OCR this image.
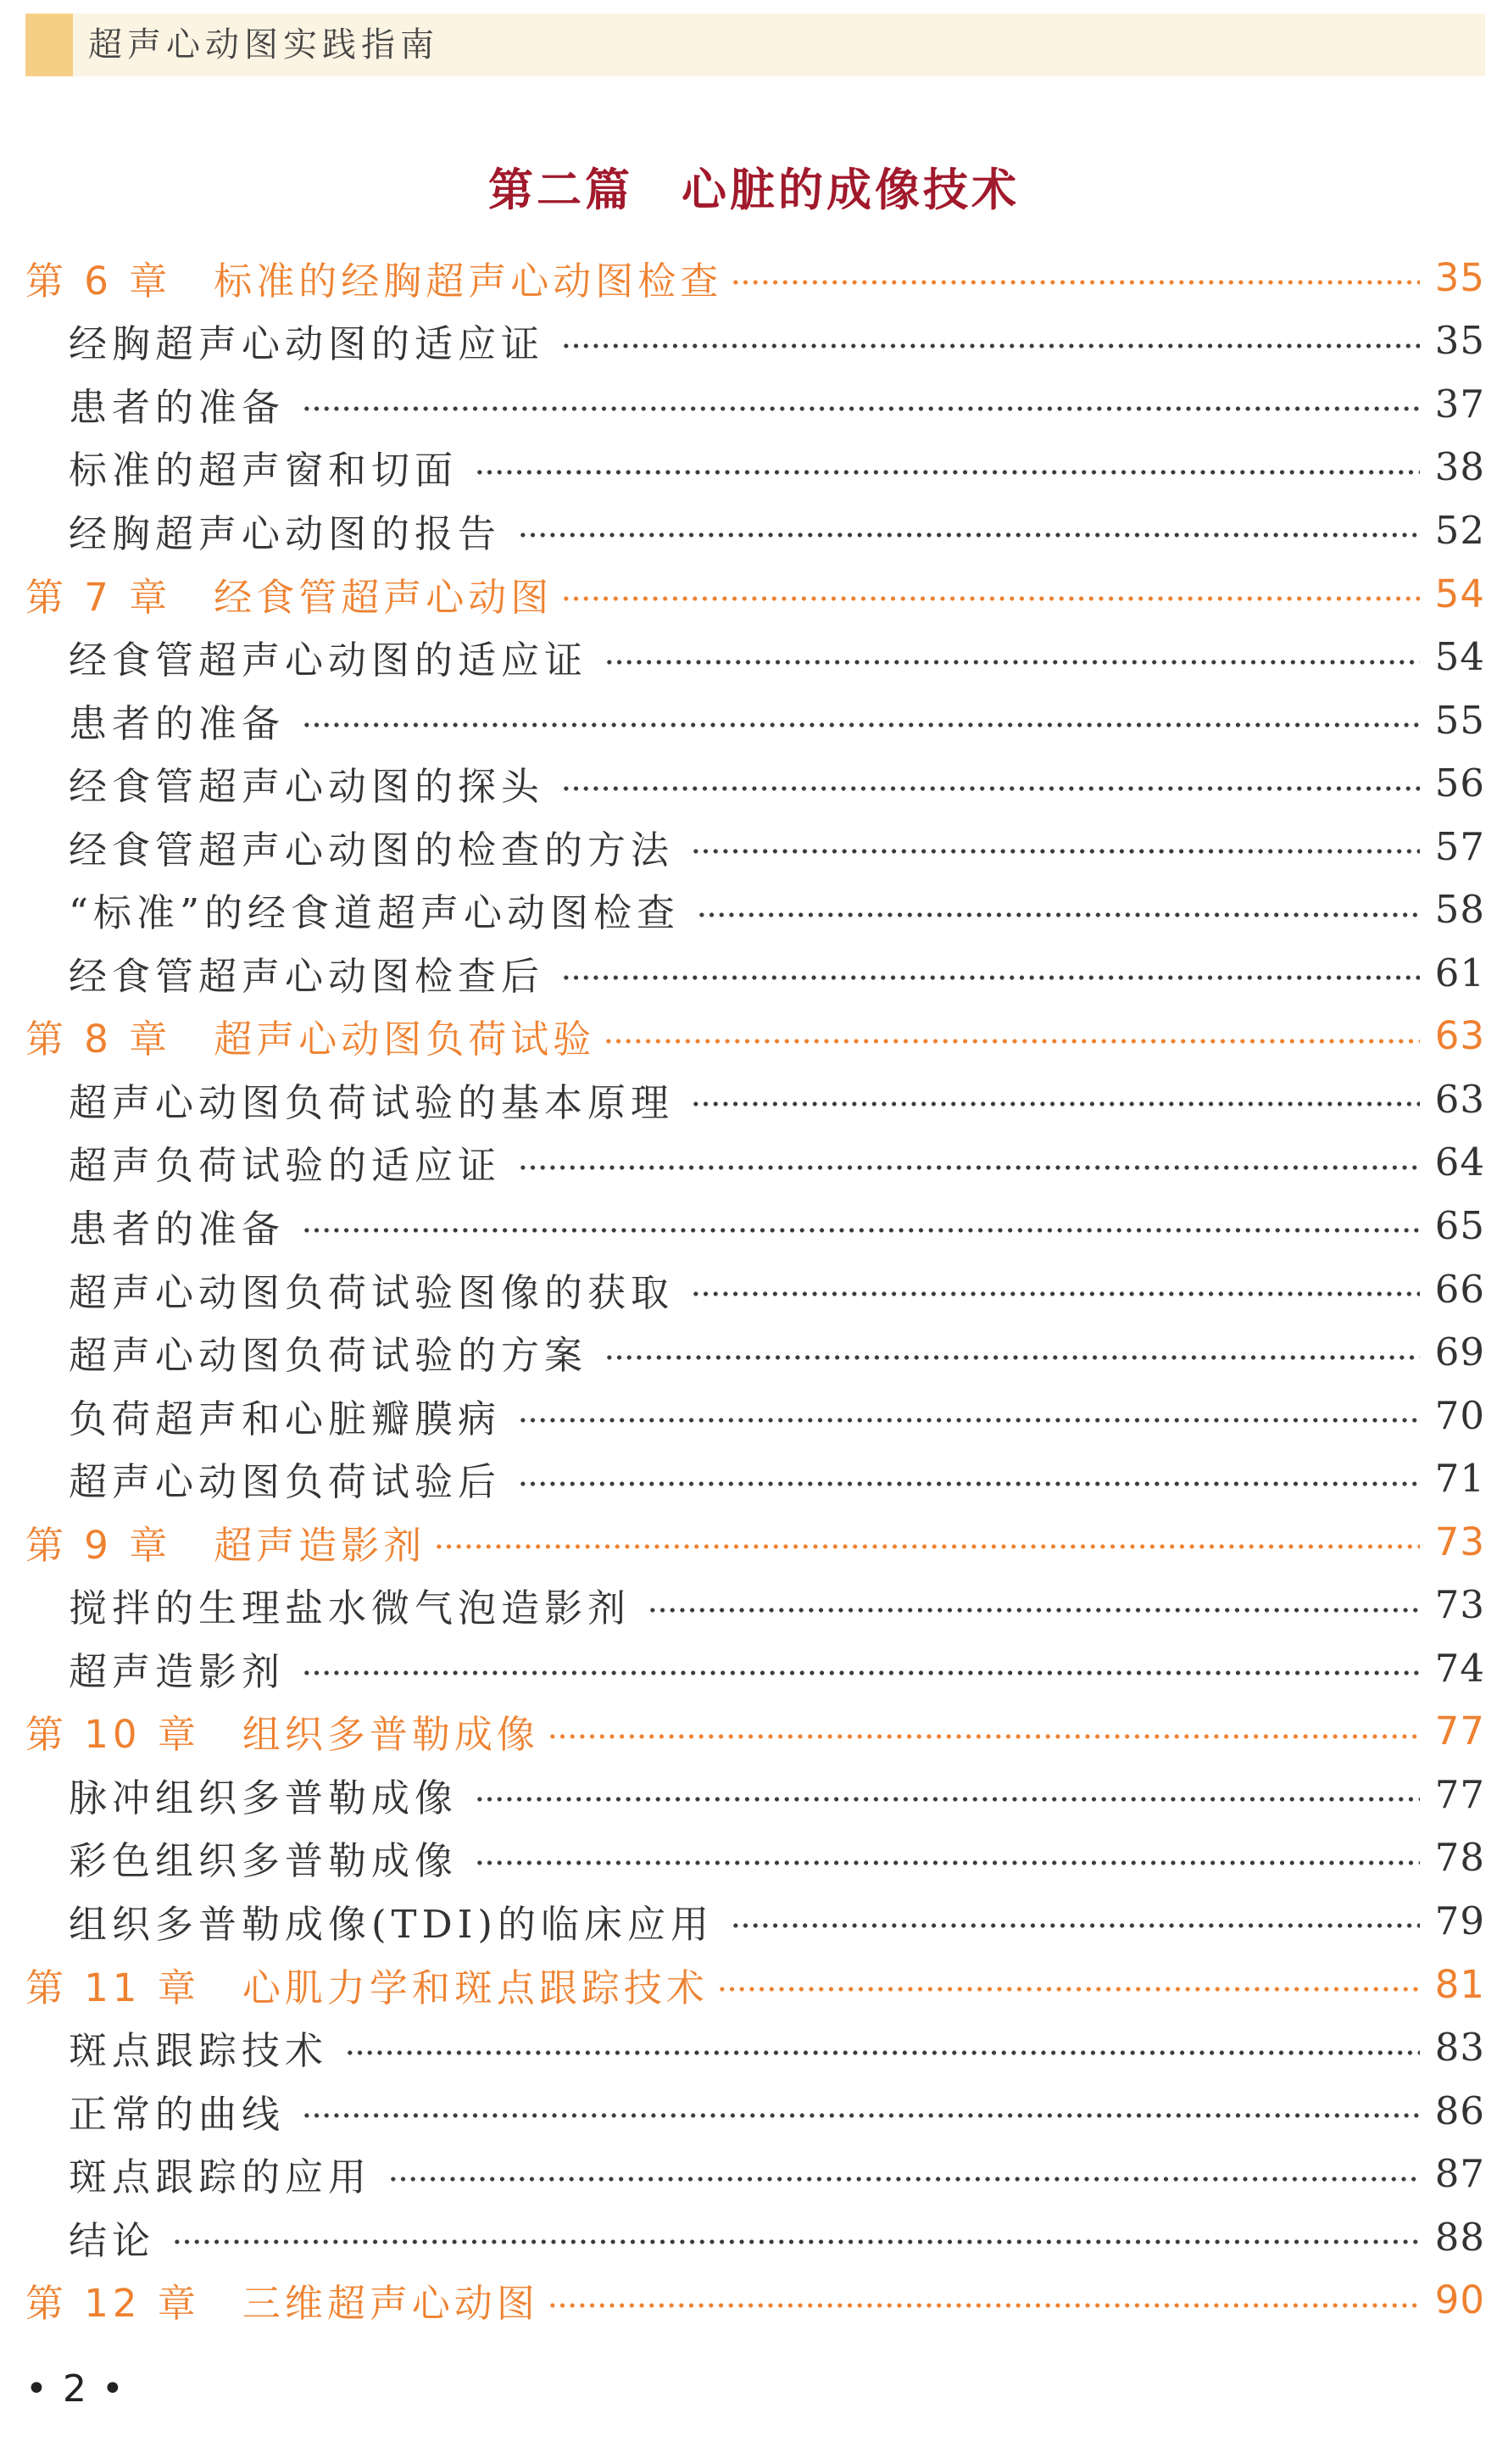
超声心动图实践指南
第二篇　心脏的成像技术
第 6 章　标准的经胸超声心动图检查	35
经胸超声心动图的适应证	35
患者的准备	37
标准的超声窗和切面	38
经胸超声心动图的报告	52
第 7 章　经食管超声心动图	54
经食管超声心动图的适应证	54
患者的准备	55
经食管超声心动图的探头	56
经食管超声心动图的检查的方法	57
“标准”的经食道超声心动图检查	58
经食管超声心动图检查后	61
第 8 章　超声心动图负荷试验	63
超声心动图负荷试验的基本原理	63
超声负荷试验的适应证	64
患者的准备	65
超声心动图负荷试验图像的获取	66
超声心动图负荷试验的方案	69
负荷超声和心脏瓣膜病	70
超声心动图负荷试验后	71
第 9 章　超声造影剂	73
搅拌的生理盐水微气泡造影剂	73
超声造影剂	74
第 10 章　组织多普勒成像	77
脉冲组织多普勒成像	77
彩色组织多普勒成像	78
组织多普勒成像(TDI)的临床应用	79
第 11 章　心肌力学和斑点跟踪技术	81
斑点跟踪技术	83
正常的曲线	86
斑点跟踪的应用	87
结论	88
第 12 章　三维超声心动图	90
• 2 •
